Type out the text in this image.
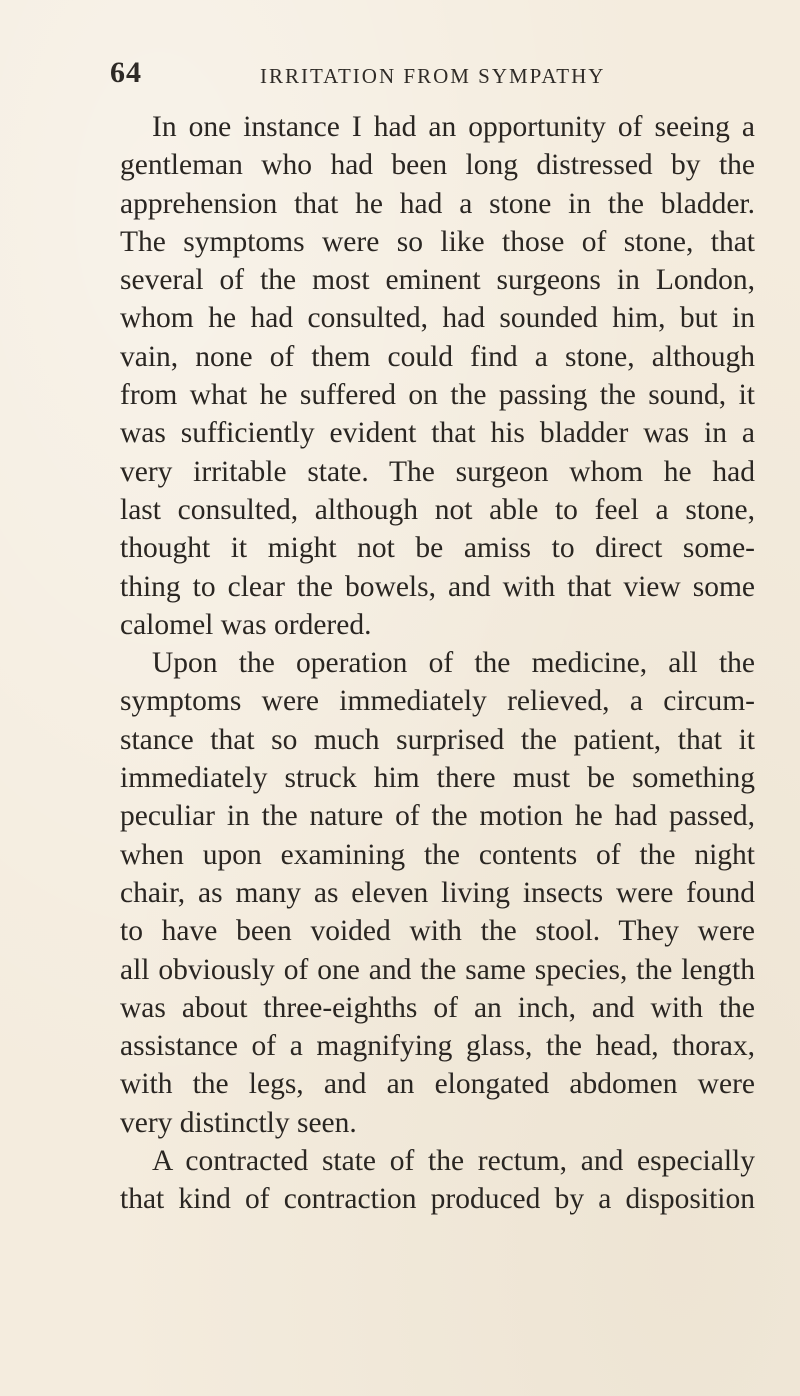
64	IRRITATION FROM SYMPATHY
In one instance I had an opportunity of seeing a
gentleman who had been long distressed by the
apprehension that he had a stone in the bladder.
The symptoms were so like those of stone, that
several of the most eminent surgeons in London,
whom he had consulted, had sounded him, but in
vain, none of them could find a stone, although
from what he suffered on the passing the sound, it
was sufficiently evident that his bladder was in a
very irritable state. The surgeon whom he had
last consulted, although not able to feel a stone,
thought it might not be amiss to direct some-
thing to clear the bowels, and with that view some
calomel was ordered.
Upon the operation of the medicine, all the
symptoms were immediately relieved, a circum-
stance that so much surprised the patient, that it
immediately struck him there must be something
peculiar in the nature of the motion he had passed,
when upon examining the contents of the night
chair, as many as eleven living insects were found
to have been voided with the stool. They were
all obviously of one and the same species, the length
was about three-eighths of an inch, and with the
assistance of a magnifying glass, the head, thorax,
with the legs, and an elongated abdomen were
very distinctly seen.
A contracted state of the rectum, and especially
that kind of contraction produced by a disposition
